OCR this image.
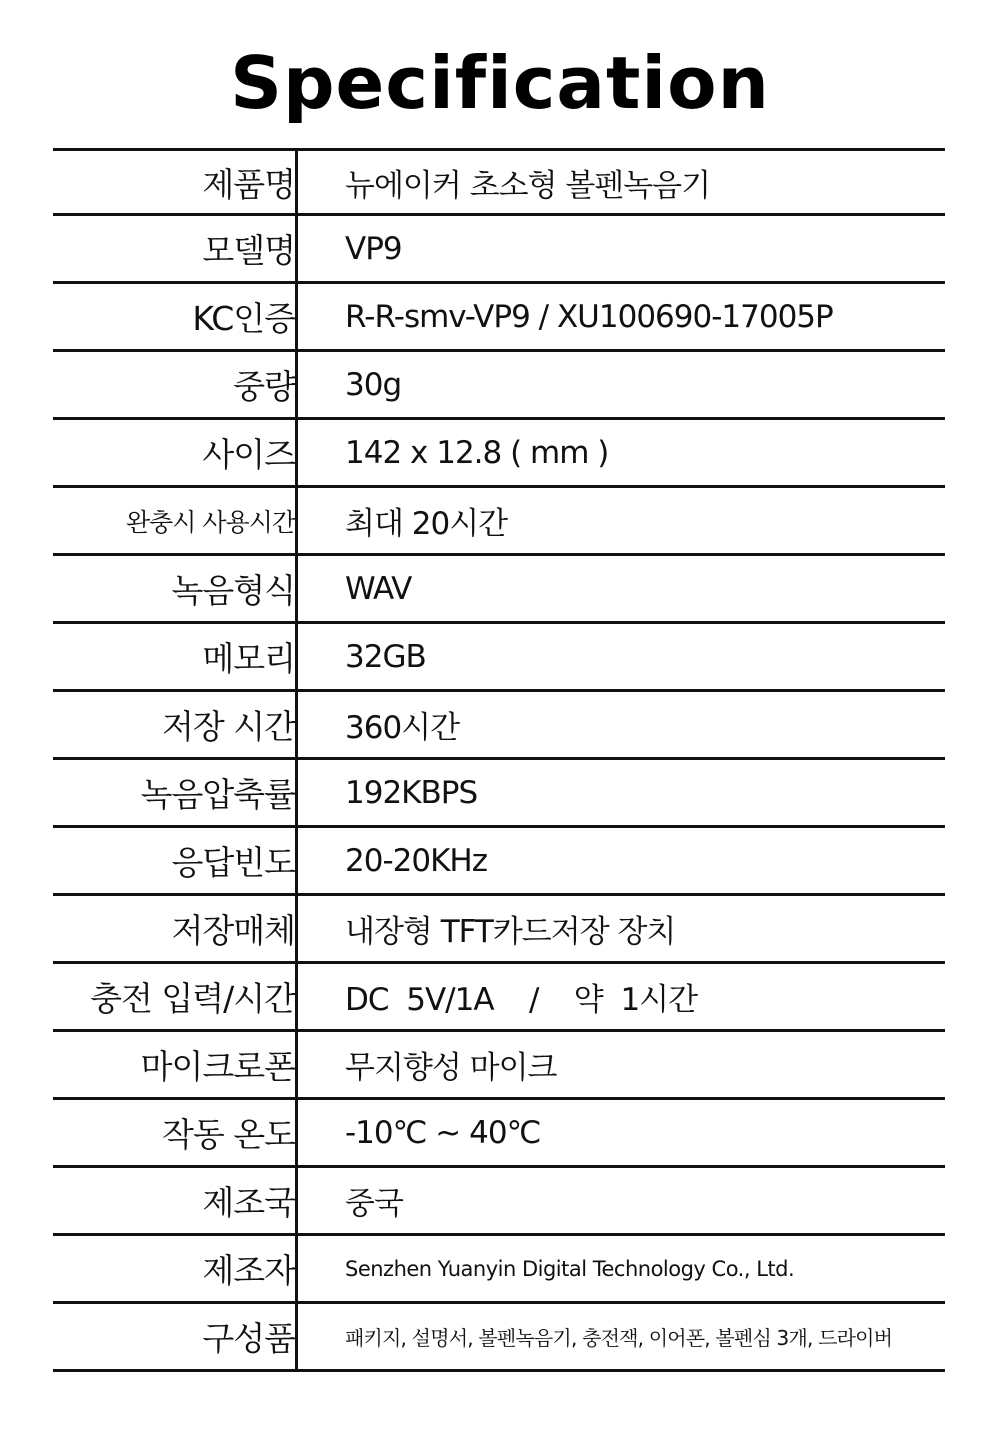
Specification
제품명 뉴에이커 초소형 볼펜녹음기
모델명 VP9
KC인증 R-R-smv-VP9 / XU100690-17005P
중량 30g
사이즈 142 x 12.8 ( mm )
완충시 사용시간 최대 20시간
녹음형식 WAV
메모리 32GB
저장 시간 360시간
녹음압축률 192KBPS
응답빈도 20-20KHz
저장매체 내장형 TFT카드저장 장치
충전 입력/시간 DC  5V/1A    /    약  1시간
마이크로폰 무지향성 마이크
작동 온도 -10℃ ~ 40℃
제조국 중국
제조자 Senzhen Yuanyin Digital Technology Co., Ltd.
구성품	패키지, 설명서, 볼펜녹음기, 충전잭, 이어폰, 볼펜심 3개, 드라이버
